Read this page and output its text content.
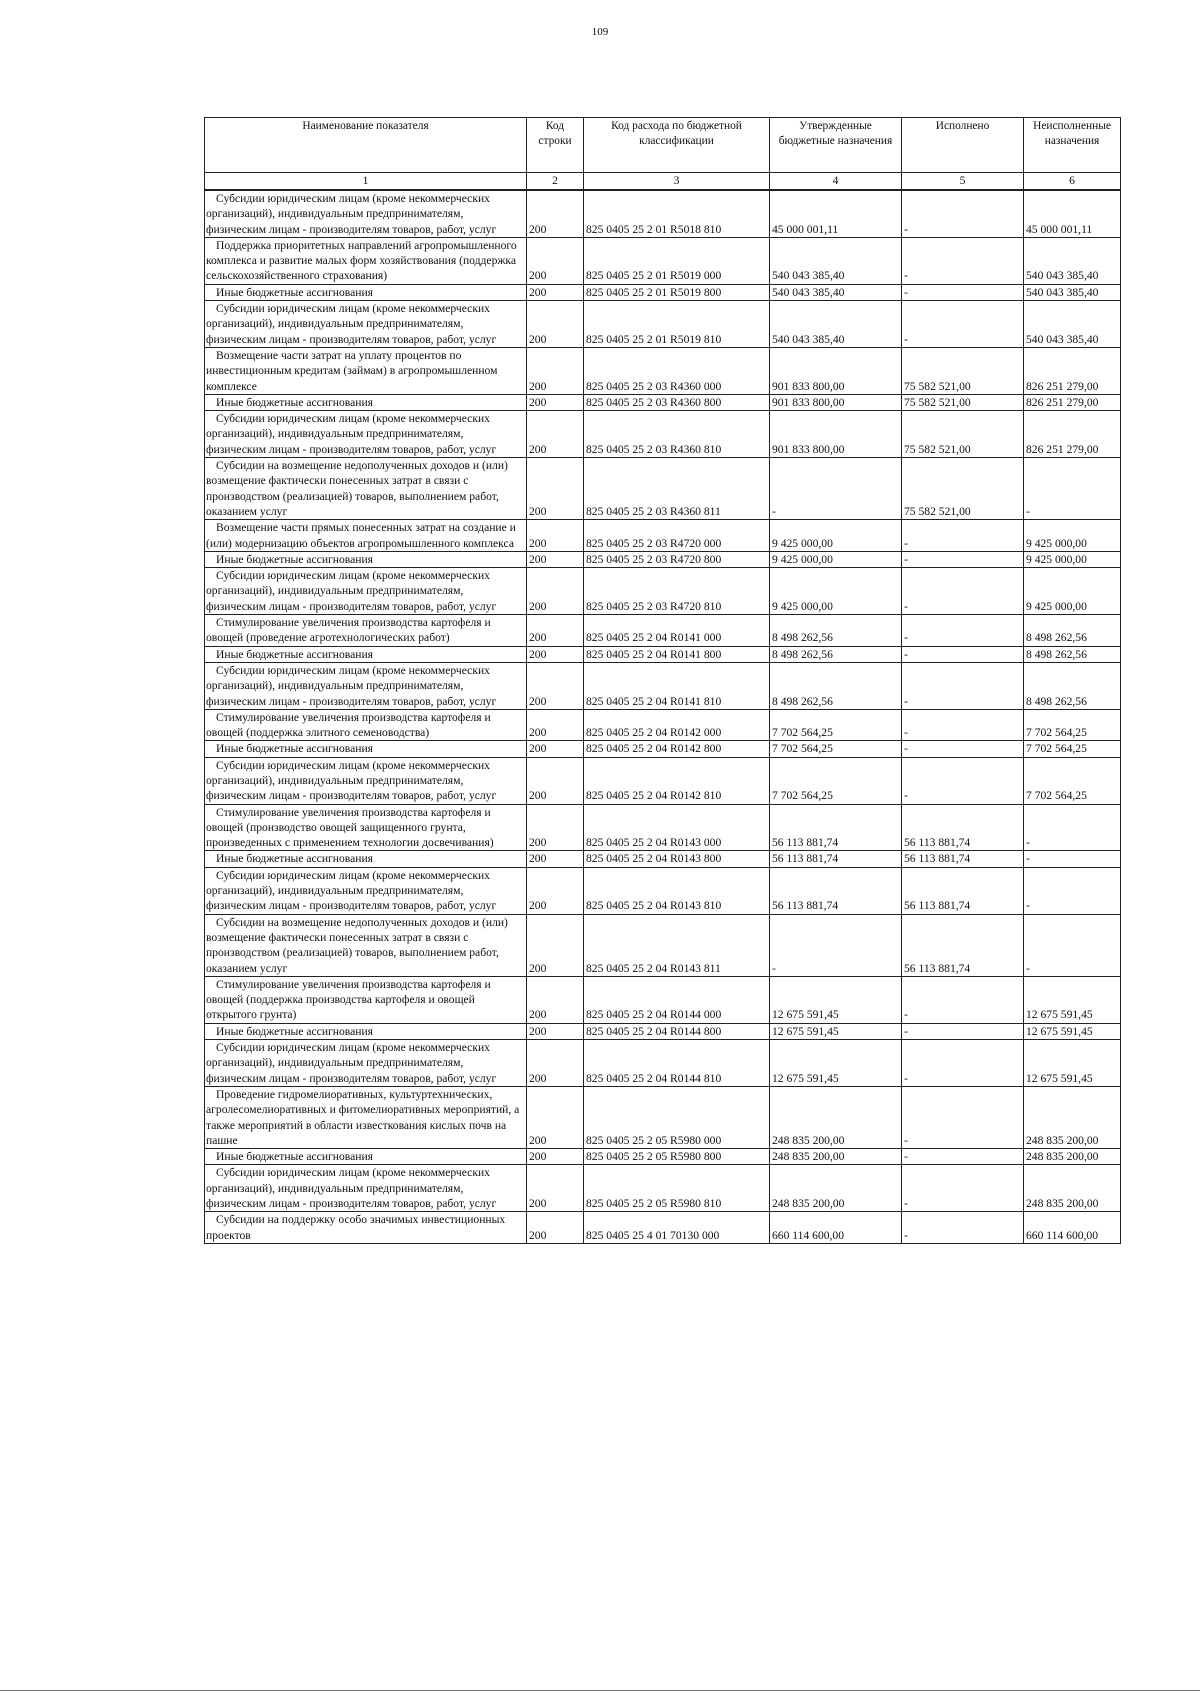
109
Наименование показателя	Код строки	Код расхода по бюджетной классификации	Утвержденные бюджетные назначения	Исполнено	Неисполненные назначения
1	2	3	4	5	6
Субсидии юридическим лицам (кроме некоммерческих организаций), индивидуальным предпринимателям, физическим лицам - производителям товаров, работ, услуг	200	825 0405 25 2 01 R5018 810	45 000 001,11	-	45 000 001,11
Поддержка приоритетных направлений агропромышленного комплекса и развитие малых форм хозяйствования (поддержка сельскохозяйственного страхования)	200	825 0405 25 2 01 R5019 000	540 043 385,40	-	540 043 385,40
Иные бюджетные ассигнования	200	825 0405 25 2 01 R5019 800	540 043 385,40	-	540 043 385,40
Субсидии юридическим лицам (кроме некоммерческих организаций), индивидуальным предпринимателям, физическим лицам - производителям товаров, работ, услуг	200	825 0405 25 2 01 R5019 810	540 043 385,40	-	540 043 385,40
Возмещение части затрат на уплату процентов по инвестиционным кредитам (займам) в агропромышленном комплексе	200	825 0405 25 2 03 R4360 000	901 833 800,00	75 582 521,00	826 251 279,00
Иные бюджетные ассигнования	200	825 0405 25 2 03 R4360 800	901 833 800,00	75 582 521,00	826 251 279,00
Субсидии юридическим лицам (кроме некоммерческих организаций), индивидуальным предпринимателям, физическим лицам - производителям товаров, работ, услуг	200	825 0405 25 2 03 R4360 810	901 833 800,00	75 582 521,00	826 251 279,00
Субсидии на возмещение недополученных доходов и (или) возмещение фактически понесенных затрат в связи с производством (реализацией) товаров, выполнением работ, оказанием услуг	200	825 0405 25 2 03 R4360 811	-	75 582 521,00	-
Возмещение части прямых понесенных затрат на создание и (или) модернизацию объектов агропромышленного комплекса	200	825 0405 25 2 03 R4720 000	9 425 000,00	-	9 425 000,00
Иные бюджетные ассигнования	200	825 0405 25 2 03 R4720 800	9 425 000,00	-	9 425 000,00
Субсидии юридическим лицам (кроме некоммерческих организаций), индивидуальным предпринимателям, физическим лицам - производителям товаров, работ, услуг	200	825 0405 25 2 03 R4720 810	9 425 000,00	-	9 425 000,00
Стимулирование увеличения производства картофеля и овощей (проведение агротехнологических работ)	200	825 0405 25 2 04 R0141 000	8 498 262,56	-	8 498 262,56
Иные бюджетные ассигнования	200	825 0405 25 2 04 R0141 800	8 498 262,56	-	8 498 262,56
Субсидии юридическим лицам (кроме некоммерческих организаций), индивидуальным предпринимателям, физическим лицам - производителям товаров, работ, услуг	200	825 0405 25 2 04 R0141 810	8 498 262,56	-	8 498 262,56
Стимулирование увеличения производства картофеля и овощей (поддержка элитного семеноводства)	200	825 0405 25 2 04 R0142 000	7 702 564,25	-	7 702 564,25
Иные бюджетные ассигнования	200	825 0405 25 2 04 R0142 800	7 702 564,25	-	7 702 564,25
Субсидии юридическим лицам (кроме некоммерческих организаций), индивидуальным предпринимателям, физическим лицам - производителям товаров, работ, услуг	200	825 0405 25 2 04 R0142 810	7 702 564,25	-	7 702 564,25
Стимулирование увеличения производства картофеля и овощей (производство овощей защищенного грунта, произведенных с применением технологии досвечивания)	200	825 0405 25 2 04 R0143 000	56 113 881,74	56 113 881,74	-
Иные бюджетные ассигнования	200	825 0405 25 2 04 R0143 800	56 113 881,74	56 113 881,74	-
Субсидии юридическим лицам (кроме некоммерческих организаций), индивидуальным предпринимателям, физическим лицам - производителям товаров, работ, услуг	200	825 0405 25 2 04 R0143 810	56 113 881,74	56 113 881,74	-
Субсидии на возмещение недополученных доходов и (или) возмещение фактически понесенных затрат в связи с производством (реализацией) товаров, выполнением работ, оказанием услуг	200	825 0405 25 2 04 R0143 811	-	56 113 881,74	-
Стимулирование увеличения производства картофеля и овощей (поддержка производства картофеля и овощей открытого грунта)	200	825 0405 25 2 04 R0144 000	12 675 591,45	-	12 675 591,45
Иные бюджетные ассигнования	200	825 0405 25 2 04 R0144 800	12 675 591,45	-	12 675 591,45
Субсидии юридическим лицам (кроме некоммерческих организаций), индивидуальным предпринимателям, физическим лицам - производителям товаров, работ, услуг	200	825 0405 25 2 04 R0144 810	12 675 591,45	-	12 675 591,45
Проведение гидромелиоративных, культуртехнических, агролесомелиоративных и фитомелиоративных мероприятий, а также мероприятий в области известкования кислых почв на пашне	200	825 0405 25 2 05 R5980 000	248 835 200,00	-	248 835 200,00
Иные бюджетные ассигнования	200	825 0405 25 2 05 R5980 800	248 835 200,00	-	248 835 200,00
Субсидии юридическим лицам (кроме некоммерческих организаций), индивидуальным предпринимателям, физическим лицам - производителям товаров, работ, услуг	200	825 0405 25 2 05 R5980 810	248 835 200,00	-	248 835 200,00
Субсидии на поддержку особо значимых инвестиционных проектов	200	825 0405 25 4 01 70130 000	660 114 600,00	-	660 114 600,00
